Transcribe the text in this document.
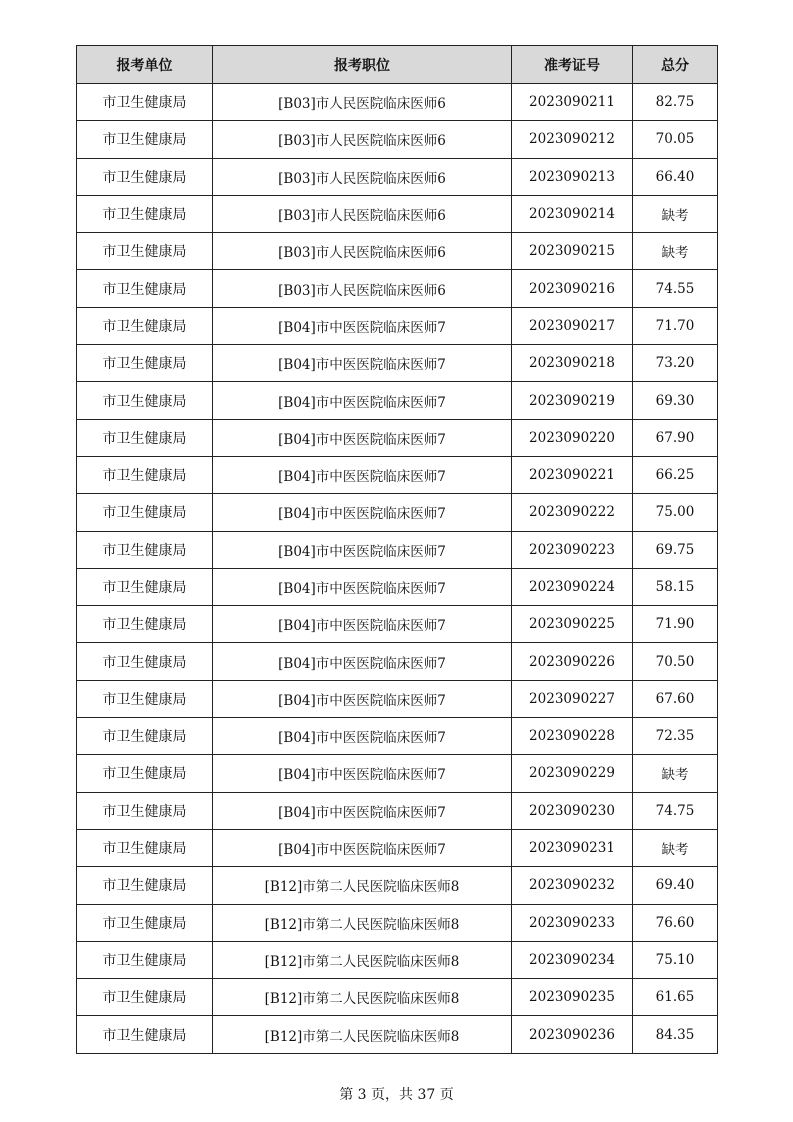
报考单位	报考职位	准考证号	总分
市卫生健康局	[B03]市人民医院临床医师6	2023090211	82.75
市卫生健康局	[B03]市人民医院临床医师6	2023090212	70.05
市卫生健康局	[B03]市人民医院临床医师6	2023090213	66.40
市卫生健康局	[B03]市人民医院临床医师6	2023090214	缺考
市卫生健康局	[B03]市人民医院临床医师6	2023090215	缺考
市卫生健康局	[B03]市人民医院临床医师6	2023090216	74.55
市卫生健康局	[B04]市中医医院临床医师7	2023090217	71.70
市卫生健康局	[B04]市中医医院临床医师7	2023090218	73.20
市卫生健康局	[B04]市中医医院临床医师7	2023090219	69.30
市卫生健康局	[B04]市中医医院临床医师7	2023090220	67.90
市卫生健康局	[B04]市中医医院临床医师7	2023090221	66.25
市卫生健康局	[B04]市中医医院临床医师7	2023090222	75.00
市卫生健康局	[B04]市中医医院临床医师7	2023090223	69.75
市卫生健康局	[B04]市中医医院临床医师7	2023090224	58.15
市卫生健康局	[B04]市中医医院临床医师7	2023090225	71.90
市卫生健康局	[B04]市中医医院临床医师7	2023090226	70.50
市卫生健康局	[B04]市中医医院临床医师7	2023090227	67.60
市卫生健康局	[B04]市中医医院临床医师7	2023090228	72.35
市卫生健康局	[B04]市中医医院临床医师7	2023090229	缺考
市卫生健康局	[B04]市中医医院临床医师7	2023090230	74.75
市卫生健康局	[B04]市中医医院临床医师7	2023090231	缺考
市卫生健康局	[B12]市第二人民医院临床医师8	2023090232	69.40
市卫生健康局	[B12]市第二人民医院临床医师8	2023090233	76.60
市卫生健康局	[B12]市第二人民医院临床医师8	2023090234	75.10
市卫生健康局	[B12]市第二人民医院临床医师8	2023090235	61.65
市卫生健康局	[B12]市第二人民医院临床医师8	2023090236	84.35
第 3 页，共 37 页
